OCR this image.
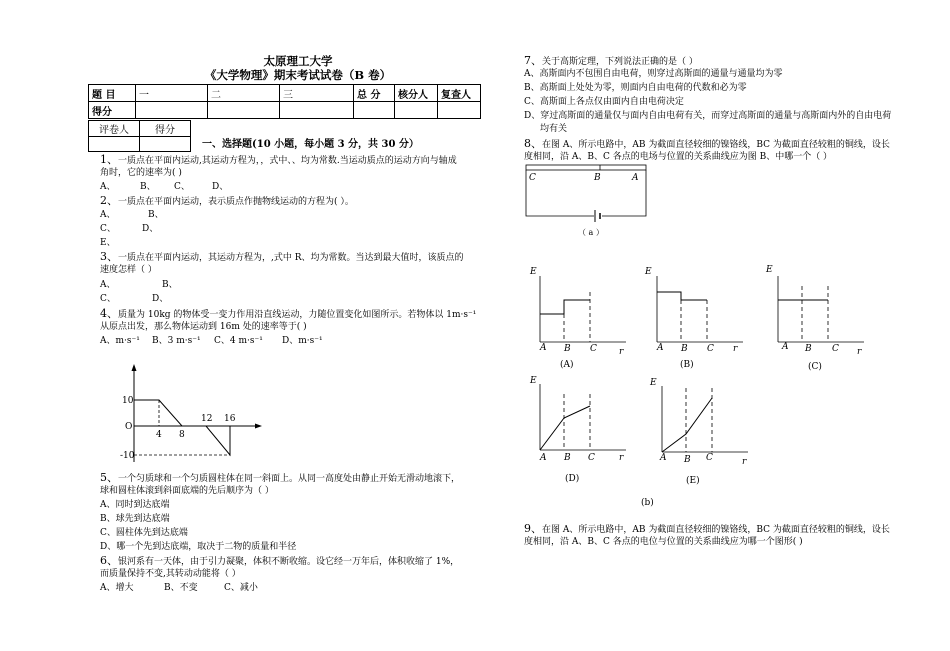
太原理工大学
《大学物理》期末考试试卷（B 卷）
题 目	一	二	三	总 分	核分人	复查人
得分						
评卷人	得分

一、选择题(10 小题，每小题 3 分，共 30 分）
1、一质点在平面内运动,其运动方程为，，式中、、均为常数.当运动质点的运动方向与轴成
角时，它的速率为( )
A、	B、 C、 D、
2、一质点在平面内运动，表示质点作抛物线运动的方程为( ）。
A、	B、
C、	D、
E、
3、一质点在平面内运动，其运动方程为，,式中 R、均为常数。当达到最大值时，该质点的
速度怎样（ ）
A、	B、
C、	D、
4、质量为 10kg 的物体受一变力作用沿直线运动，力随位置变化如图所示。若物体以 1m·s⁻¹
从原点出发，那么物体运动到 16m 处的速率等于( )
A、m·s⁻¹ B、3 m·s⁻¹ C、4 m·s⁻¹ D、m·s⁻¹
10
O
-10
4 8
12 16
5、一个匀质球和一个匀质圆柱体在同一斜面上。从同一高度处由静止开始无滑动地滚下，
球和圆柱体滚到斜面底端的先后顺序为（ ）
A、同时到达底端
B、球先到达底端
C、圆柱体先到达底端
D、哪一个先到达底端，取决于二物的质量和半径
6、银河系有一天体，由于引力凝聚，体积不断收缩。设它经一万年后，体积收缩了 1%，
而质量保持不变,其转动动能将（ ）
A、增大	B、不变	C、减小
7、关于高斯定理，下列说法正确的是（ ）
A、高斯面内不包围自由电荷，则穿过高斯面的通量与通量均为零
B、高斯面上处处为零，则面内自由电荷的代数和必为零
C、高斯面上各点仅由面内自由电荷决定
D、穿过高斯面的通量仅与面内自由电荷有关，而穿过高斯面的通量与高斯面内外的自由电荷
均有关
8、在图 A、所示电路中，AB 为截面直径较细的镍铬线，BC 为截面直径较粗的铜线，设长
度相同，沿 A、B、C 各点的电场与位置的关系曲线应为图 B、中哪一个（ ）
C	B	A
（ a ）
E
A B C r
(A)
E
A B C r
(B)
E
A B C r
(C)
E
A B C	r
(D)
E
A B C	r
(E)
(b)
9、在图 A、所示电路中，AB 为截面直径较细的镍铬线，BC 为截面直径较粗的铜线，设长
度相同，沿 A、B、C 各点的电位与位置的关系曲线应为哪一个图形( )
